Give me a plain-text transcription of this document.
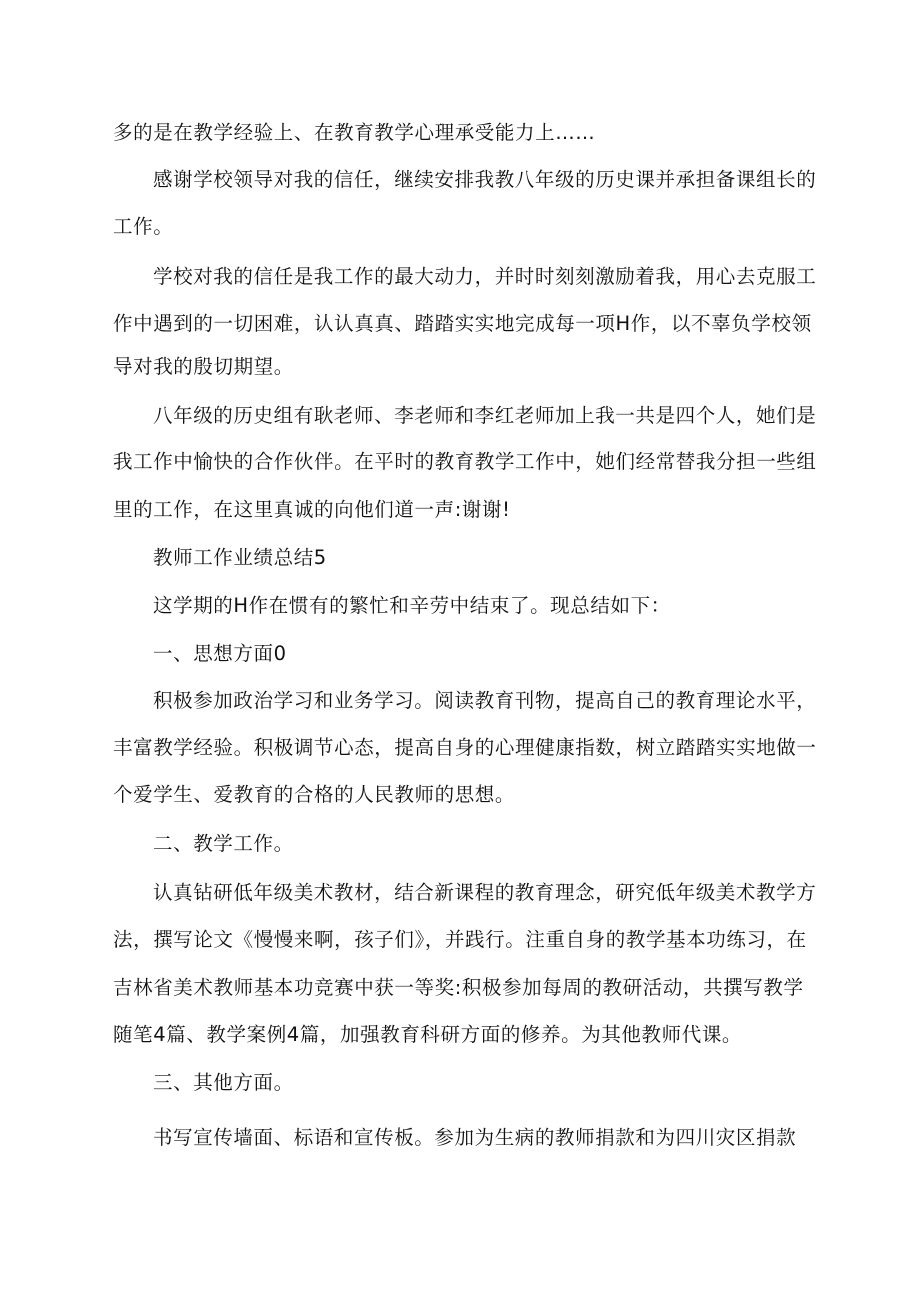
多的是在教学经验上、在教育教学心理承受能力上……
感谢学校领导对我的信任，继续安排我教八年级的历史课并承担备课组长的
工作。
学校对我的信任是我工作的最大动力，并时时刻刻激励着我，用心去克服工
作中遇到的一切困难，认认真真、踏踏实实地完成每一项H作，以不辜负学校领
导对我的殷切期望。
八年级的历史组有耿老师、李老师和李红老师加上我一共是四个人，她们是
我工作中愉快的合作伙伴。在平时的教育教学工作中，她们经常替我分担一些组
里的工作，在这里真诚的向他们道一声:谢谢!
教师工作业绩总结5
这学期的H作在惯有的繁忙和辛劳中结束了。现总结如下：
一、思想方面0
积极参加政治学习和业务学习。阅读教育刊物，提高自己的教育理论水平，
丰富教学经验。积极调节心态，提高自身的心理健康指数，树立踏踏实实地做一
个爱学生、爱教育的合格的人民教师的思想。
二、教学工作。
认真钻研低年级美术教材，结合新课程的教育理念，研究低年级美术教学方
法，撰写论文《慢慢来啊，孩子们》，并践行。注重自身的教学基本功练习，在
吉林省美术教师基本功竞赛中获一等奖:积极参加每周的教研活动，共撰写教学
随笔4篇、教学案例4篇，加强教育科研方面的修养。为其他教师代课。
三、其他方面。
书写宣传墙面、标语和宣传板。参加为生病的教师捐款和为四川灾区捐款
